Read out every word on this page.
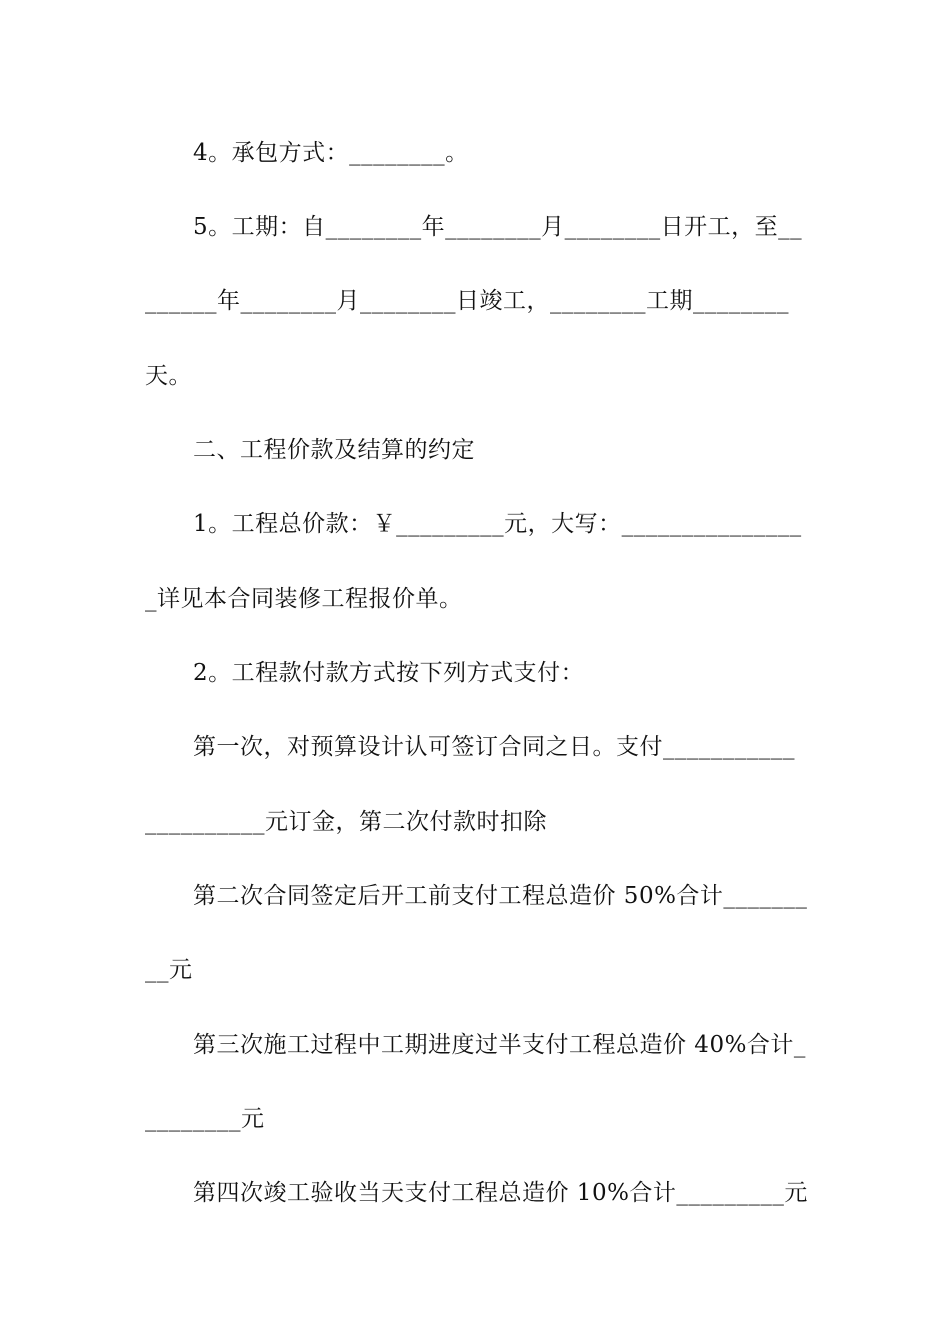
4。承包方式：________。
5。工期：自________年________月________日开工，至__
______年________月________日竣工，________工期________
天。
二、工程价款及结算的约定
1。工程总价款：￥_________元，大写：_______________
_详见本合同装修工程报价单。
2。工程款付款方式按下列方式支付：
第一次，对预算设计认可签订合同之日。支付___________
__________元订金，第二次付款时扣除
第二次合同签定后开工前支付工程总造价 50%合计_______
__元
第三次施工过程中工期进度过半支付工程总造价 40%合计_
________元
第四次竣工验收当天支付工程总造价 10%合计_________元
